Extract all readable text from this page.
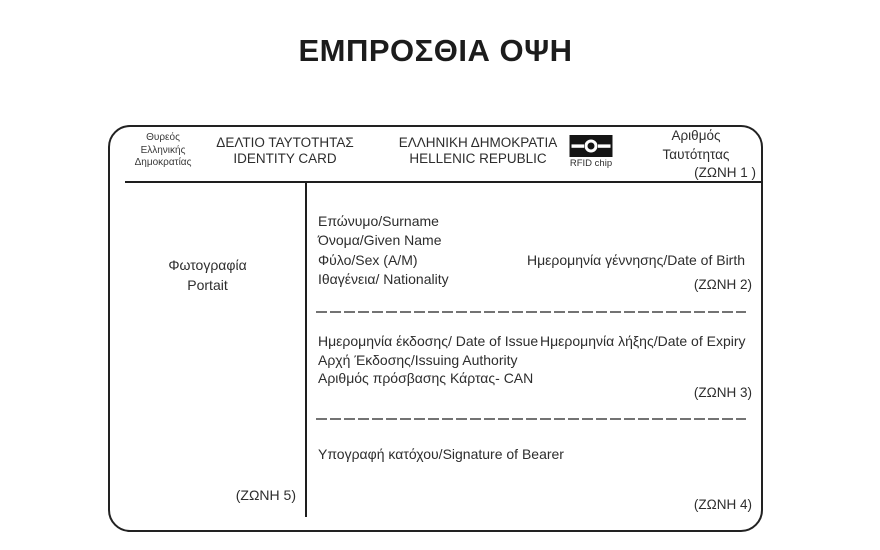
ΕΜΠΡΟΣΘΙΑ ΟΨΗ
Θυρεός
Ελληνικής
Δημοκρατίας
ΔΕΛΤΙΟ ΤΑΥΤΟΤΗΤΑΣ
IDENTITY CARD
ΕΛΛΗΝΙΚΗ ΔΗΜΟΚΡΑΤΙΑ
HELLENIC REPUBLIC	RFID chip
Αριθμός
Ταυτότητας
(ΖΩΝΗ 1 )
Φωτογραφία
Portait
(ΖΩΝΗ 5)
Επώνυμο/Surname
Όνομα/Given Name
Φύλο/Sex (Α/Μ)
Ιθαγένεια/ Nationality
Ημερομηνία γέννησης/Date of Birth
(ΖΩΝΗ 2)
Ημερομηνία έκδοσης/ Date of Issue
Αρχή Έκδοσης/Issuing Authority
Αριθμός πρόσβασης Κάρτας- CAN
Ημερομηνία λήξης/Date of Expiry
(ΖΩΝΗ 3)
Υπογραφή κατόχου/Signature of Bearer
(ΖΩΝΗ 4)
